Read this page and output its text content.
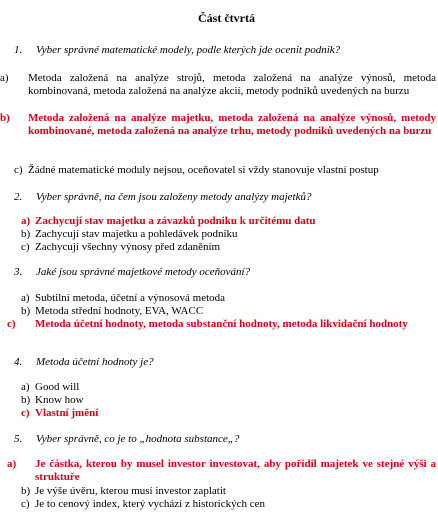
Část čtvrtá
1. Vyber správné matematické modely, podle kterých jde ocenit podnik?
a) Metoda založená na analýze strojů, metoda založená na analýze výnosů, metoda kombinovaná, metoda založená na analýze akcií, metody podniků uvedených na burzu
b) Metoda založená na analýze majetku, metoda založená na analýze výnosů, metody kombinované, metoda založená na analýze trhu, metody podniků uvedených na burzu
c) Žádné matematické moduly nejsou, oceňovatel si vždy stanovuje vlastní postup
2. Vyber správně, na čem jsou založeny metody analýzy majetků?
a) Zachycují stav majetku a závazků podniku k určitému datu
b) Zachycují stav majetku a pohledávek podniku
c) Zachycují všechny výnosy před zdaněním
3. Jaké jsou správné majetkové metody oceňování?
a) Subtilní metoda, účetní a výnosová metoda
b) Metoda střední hodnoty, EVA, WACC
c) Metoda účetní hodnoty, metoda substanční hodnoty, metoda likvidační hodnoty
4. Metoda účetní hodnoty je?
a) Good will
b) Know how
c) Vlastní jmění
5. Vyber správně, co je to „hodnota substance„?
a) Je částka, kterou by musel investor investovat, aby pořídil majetek ve stejné výši a struktuře
b) Je výše úvěru, kterou musí investor zaplatit
c) Je to cenový index, který vychází z historických cen
